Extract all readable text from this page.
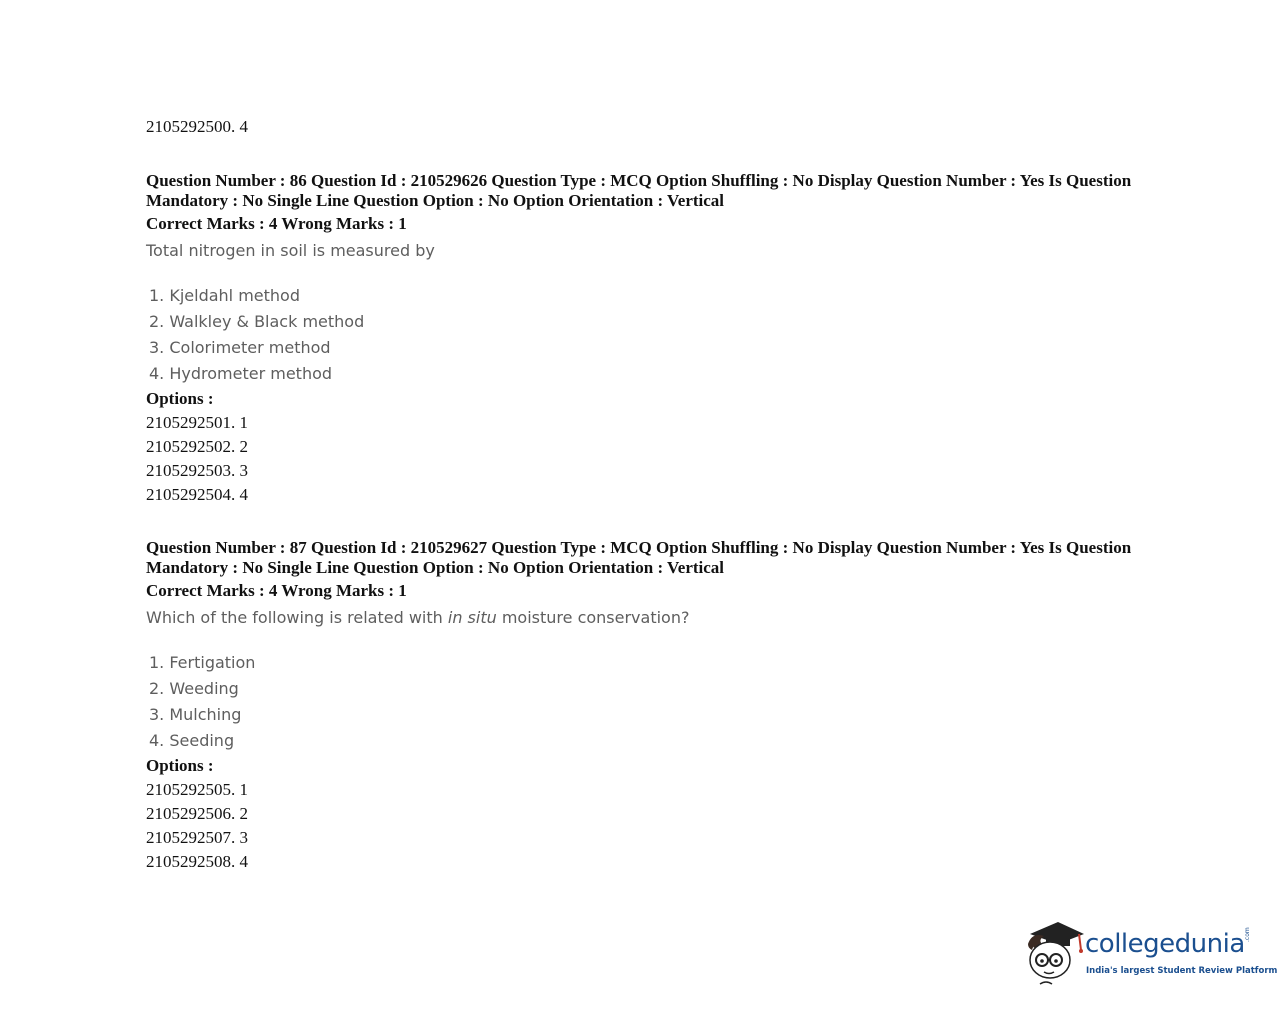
2105292500. 4

Question Number : 86 Question Id : 210529626 Question Type : MCQ Option Shuffling : No Display Question Number : Yes Is Question
Mandatory : No Single Line Question Option : No Option Orientation : Vertical

Correct Marks : 4 Wrong Marks : 1

Total nitrogen in soil is measured by

1. Kjeldahl method
2. Walkley & Black method
3. Colorimeter method
4. Hydrometer method

Options :

2105292501. 1
2105292502. 2
2105292503. 3
2105292504. 4

Question Number : 87 Question Id : 210529627 Question Type : MCQ Option Shuffling : No Display Question Number : Yes Is Question
Mandatory : No Single Line Question Option : No Option Orientation : Vertical

Correct Marks : 4 Wrong Marks : 1

Which of the following is related with in situ moisture conservation?

1. Fertigation
2. Weeding
3. Mulching
4. Seeding

Options :

2105292505. 1
2105292506. 2
2105292507. 3
2105292508. 4
collegedunia .com
India's largest Student Review Platform
